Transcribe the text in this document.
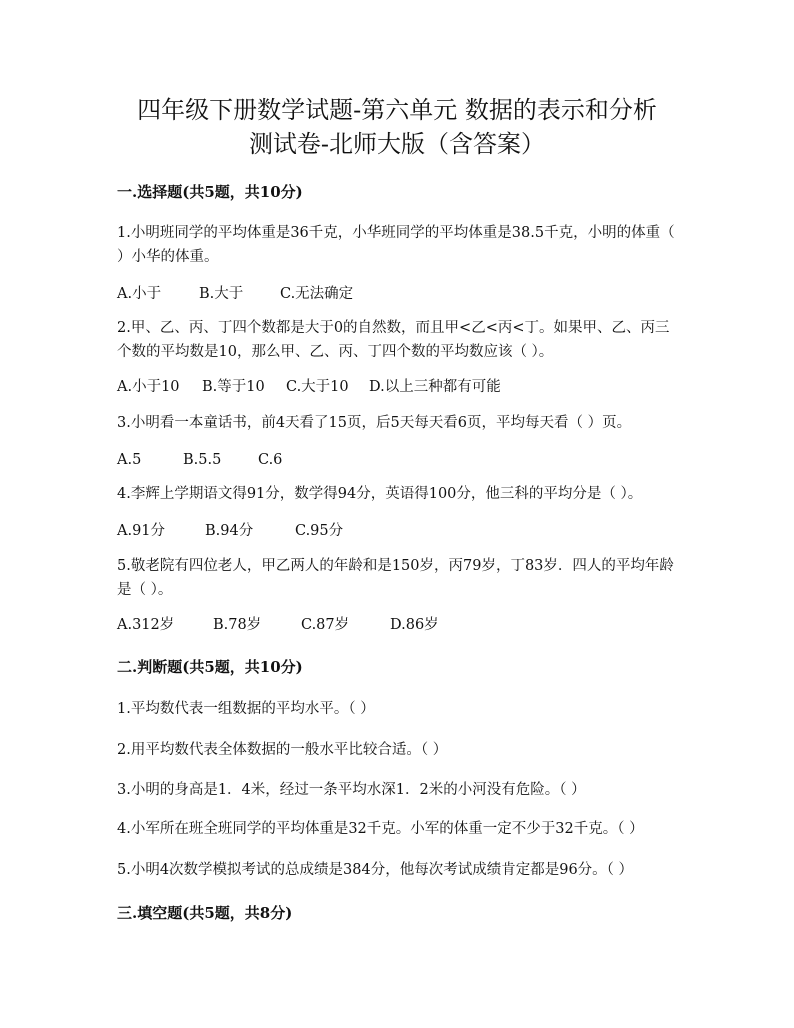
四年级下册数学试题-第六单元 数据的表示和分析
测试卷-北师大版（含答案）
一.选择题(共5题，共10分)

1.小明班同学的平均体重是36千克，小华班同学的平均体重是38.5千克，小明的体重（ ）小华的体重。

A.小于	B.大于	C.无法确定

2.甲、乙、丙、丁四个数都是大于0的自然数，而且甲<乙<丙<丁。如果甲、乙、丙三个数的平均数是10，那么甲、乙、丙、丁四个数的平均数应该（ ）。

A.小于10 B.等于10 C.大于10 D.以上三种都有可能

3.小明看一本童话书，前4天看了15页，后5天每天看6页，平均每天看（ ）页。

A.5	B.5.5	C.6

4.李辉上学期语文得91分，数学得94分，英语得100分，他三科的平均分是（ ）。

A.91分	B.94分	C.95分

5.敬老院有四位老人，甲乙两人的年龄和是150岁，丙79岁，丁83岁．四人的平均年龄是（ ）。

A.312岁	B.78岁	C.87岁	D.86岁
二.判断题(共5题，共10分)

1.平均数代表一组数据的平均水平。（ ）

2.用平均数代表全体数据的一般水平比较合适。（ ）

3.小明的身高是1．4米，经过一条平均水深1．2米的小河没有危险。（ ）

4.小军所在班全班同学的平均体重是32千克。小军的体重一定不少于32千克。（ ）

5.小明4次数学模拟考试的总成绩是384分，他每次考试成绩肯定都是96分。（ ）

三.填空题(共5题，共8分)
